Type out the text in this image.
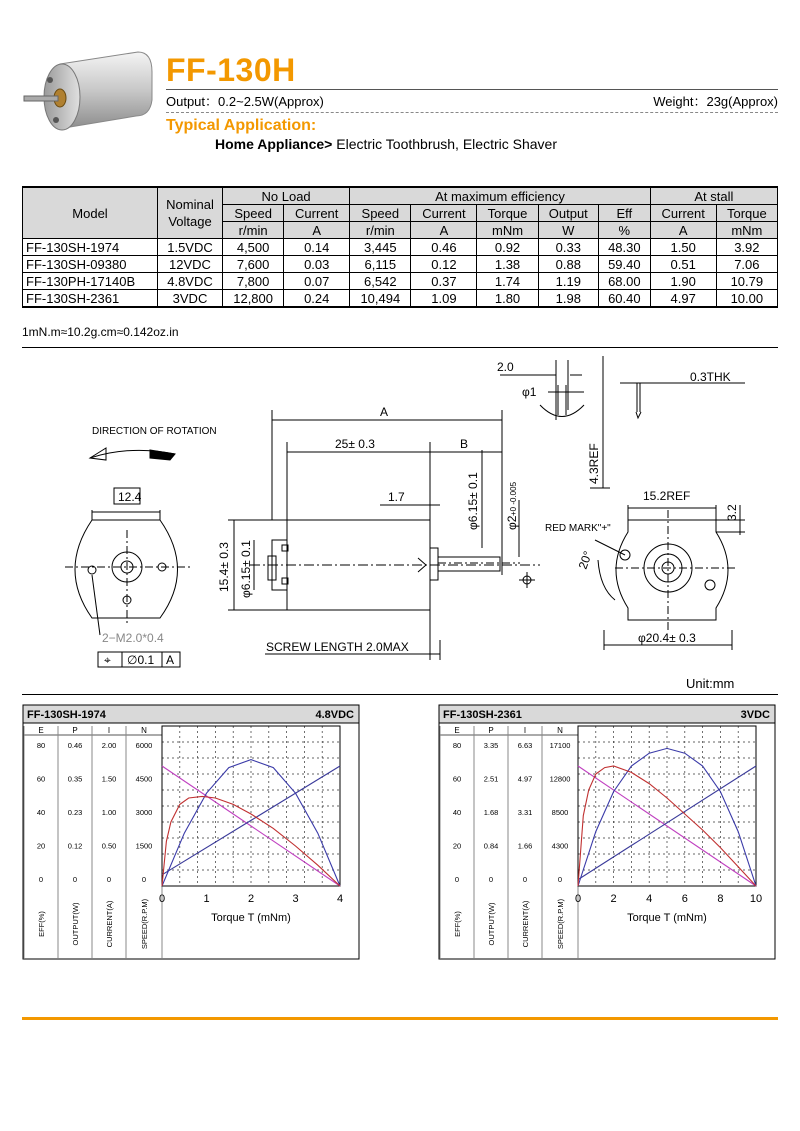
FF-130H
Output：0.2~2.5W(Approx)	Weight：23g(Approx)
Typical Application:
Home Appliance> Electric Toothbrush, Electric Shaver
Model	Nominal Voltage	No Load		At maximum efficiency					At stall	
		Speed	Current	Speed	Current	Torque	Output	Eff	Current	Torque
		r/min	A	r/min	A	mNm	W	%	A	mNm
FF-130SH-1974	1.5VDC	4,500	0.14	3,445	0.46	0.92	0.33	48.30	1.50	3.92
FF-130SH-09380	12VDC	7,600	0.03	6,115	0.12	1.38	0.88	59.40	0.51	7.06
FF-130PH-17140B	4.8VDC	7,800	0.07	6,542	0.37	1.74	1.19	68.00	1.90	10.79
FF-130SH-2361	3VDC	12,800	0.24	10,494	1.09	1.80	1.98	60.40	4.97	10.00
1mN.m≈10.2g.cm≈0.142oz.in
2.0
φ1
0.3THK
A
25± 0.3	B
DIRECTION OF ROTATION
12.4	1.7	φ6.15± 0.1 φ2
+0 -0.005
4.3REF
15.2REF
3.2
RED MARK"+"
20°
15.4± 0.3 φ6.15± 0.1
2−M2.0*0.4
⌖ ∅0.1 A
SCREW LENGTH 2.0MAX
φ20.4± 0.3
Unit:mm
FF-130SH-1974	4.8VDC
E
80
60
40
20
0
EFF(%)
P
0.46
0.35
0.23
0.12
0
OUTPUT(W)
I
2.00
1.50
1.00
0.50
0
CURRENT(A)
N
6000
4500
3000
1500
0
SPEED(R.P.M) 0	1	2	3	4
Torque T (mNm)
FF-130SH-2361	3VDC
E
80
60
40
20
0
EFF(%)
P
3.35
2.51
1.68
0.84
0
OUTPUT(W)
I
6.63
4.97
3.31
1.66
0
CURRENT(A)
N
17100
12800
8500
4300
0
SPEED(R.P.M) 0	2	4	6	8 10
Torque T (mNm)
